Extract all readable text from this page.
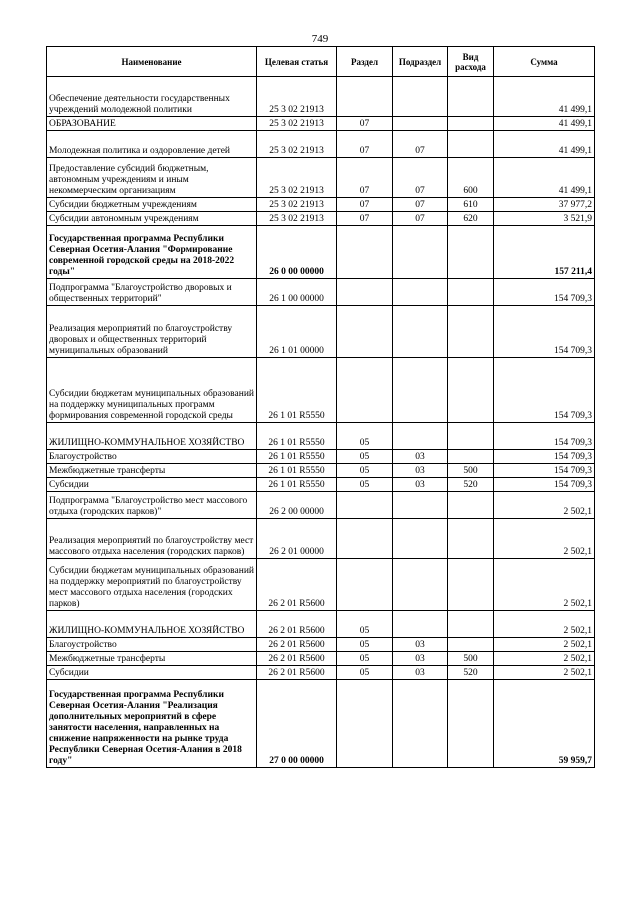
749
Наименование	Целевая статья	Раздел	Подраздел	Вид расхода	Сумма
Обеспечение деятельности государственных учреждений молодежной политики	25 3 02 21913				41 499,1
ОБРАЗОВАНИЕ	25 3 02 21913	07			41 499,1
Молодежная политика и оздоровление детей	25 3 02 21913	07	07		41 499,1
Предоставление субсидий бюджетным, автономным учреждениям и иным некоммерческим организациям	25 3 02 21913	07	07	600	41 499,1
Субсидии бюджетным учреждениям	25 3 02 21913	07	07	610	37 977,2
Субсидии автономным учреждениям	25 3 02 21913	07	07	620	3 521,9
Государственная программа Республики Северная Осетия-Алания "Формирование современной городской среды на 2018-2022 годы"	26 0 00 00000				157 211,4
Подпрограмма "Благоустройство дворовых и общественных территорий"	26 1 00 00000				154 709,3
Реализация мероприятий по благоустройству дворовых и общественных территорий муниципальных образований	26 1 01 00000				154 709,3
Субсидии бюджетам муниципальных образований на поддержку муниципальных программ формирования современной городской среды	26 1 01 R5550				154 709,3
ЖИЛИЩНО-КОММУНАЛЬНОЕ ХОЗЯЙСТВО	26 1 01 R5550	05			154 709,3
Благоустройство	26 1 01 R5550	05	03		154 709,3
Межбюджетные трансферты	26 1 01 R5550	05	03	500	154 709,3
Субсидии	26 1 01 R5550	05	03	520	154 709,3
Подпрограмма "Благоустройство мест массового отдыха (городских парков)"	26 2 00 00000				2 502,1
Реализация мероприятий по благоустройству мест массового отдыха населения (городских парков)	26 2 01 00000				2 502,1
Субсидии бюджетам муниципальных образований на поддержку мероприятий по благоустройству мест массового отдыха населения (городских парков)	26 2 01 R5600				2 502,1
ЖИЛИЩНО-КОММУНАЛЬНОЕ ХОЗЯЙСТВО	26 2 01 R5600	05			2 502,1
Благоустройство	26 2 01 R5600	05	03		2 502,1
Межбюджетные трансферты	26 2 01 R5600	05	03	500	2 502,1
Субсидии	26 2 01 R5600	05	03	520	2 502,1
Государственная программа Республики Северная Осетия-Алания "Реализация дополнительных мероприятий в сфере занятости населения, направленных на снижение напряженности на рынке труда Республики Северная Осетия-Алания в 2018 году"	27 0 00 00000				59 959,7
